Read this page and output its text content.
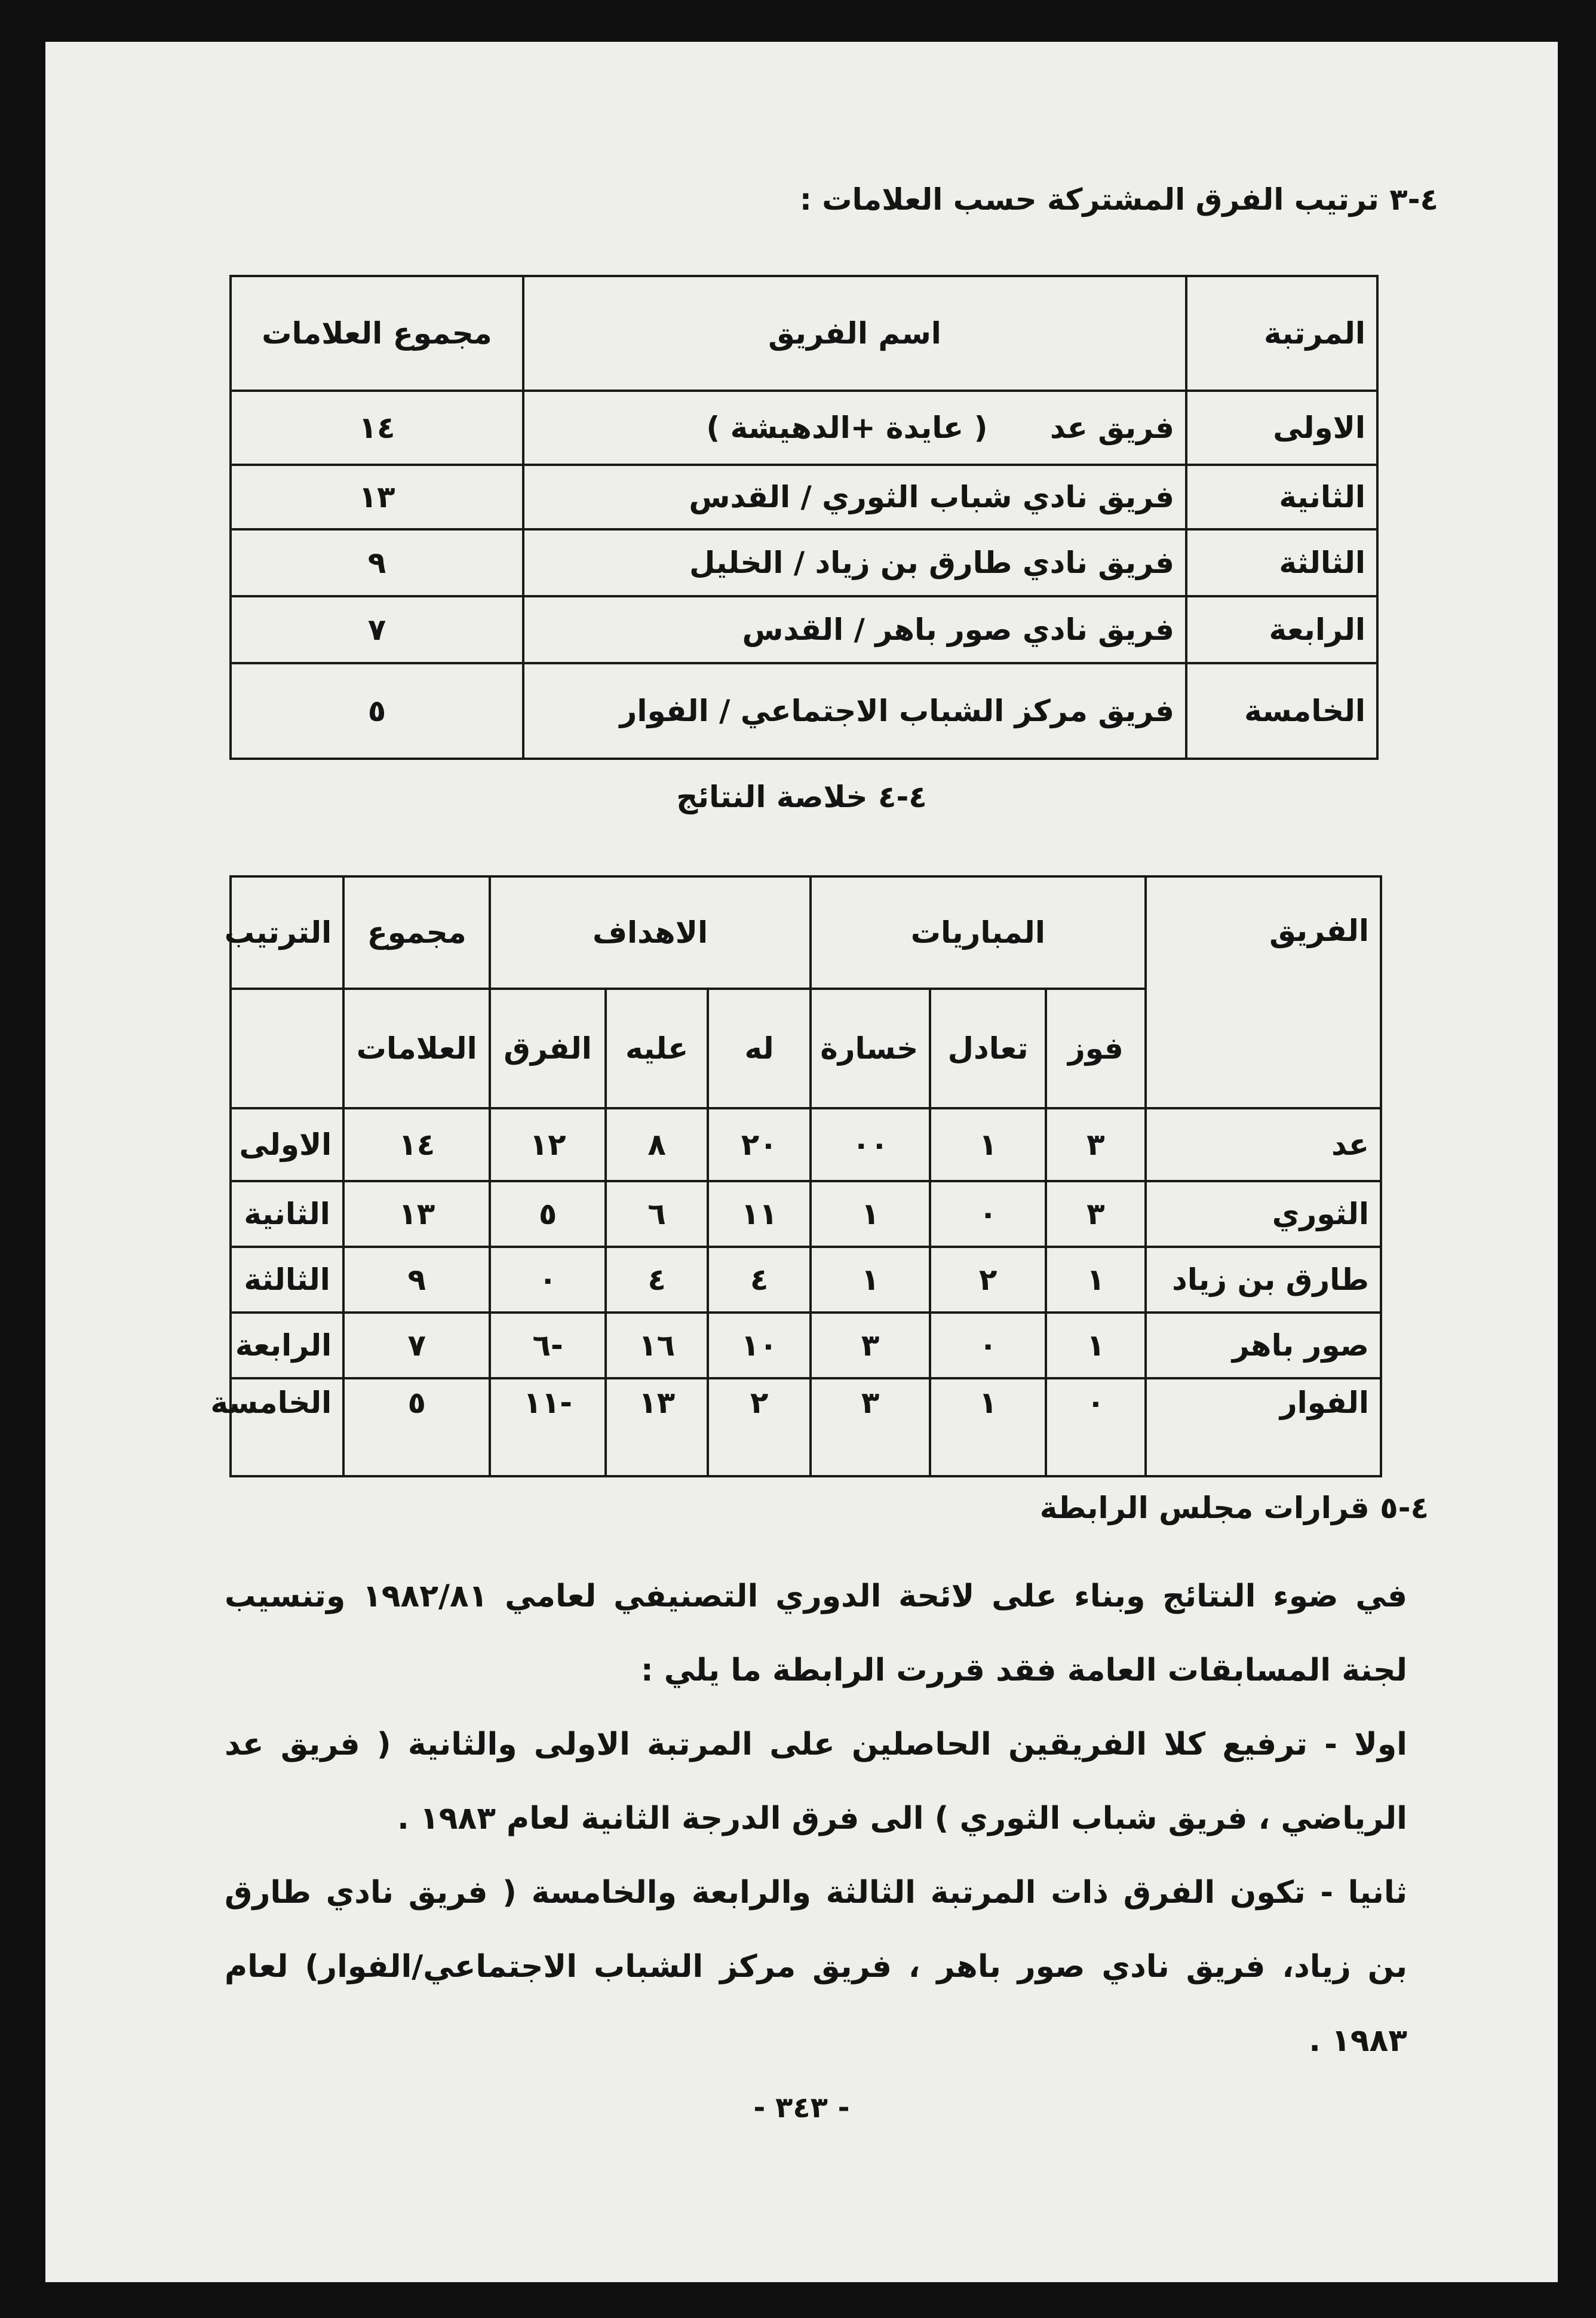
٤-٣ ترتيب الفرق المشتركة حسب العلامات :
المرتبة	اسم الفريق	مجموع العلامات
الاولى	فريق عد      ( عايدة +الدهيشة )	١٤
الثانية	فريق نادي شباب الثوري / القدس	١٣
الثالثة	فريق نادي طارق بن زياد / الخليل	٩
الرابعة	فريق نادي صور باهر / القدس	٧
الخامسة	فريق مركز الشباب الاجتماعي / الفوار	٥
٤-٤ خلاصة النتائج
الفريق	المباريات			الاهداف			مجموع	الترتيب
	فوز	تعادل	خسارة	له	عليه	الفرق	العلامات	
عد	٣	١	٠٠	٢٠	٨	١٢	١٤	الاولى
الثوري	٣	٠	١	١١	٦	٥	١٣	الثانية
طارق بن زياد	١	٢	١	٤	٤	٠	٩	الثالثة
صور باهر	١	٠	٣	١٠	١٦	-٦	٧	الرابعة
الفوار	٠	١	٣	٢	١٣	-١١	٥	الخامسة
٤-٥ قرارات مجلس الرابطة

في ضوء النتائج وبناء على لائحة الدوري التصنيفي لعامي ١٩٨٢/٨١ وتنسيب لجنة المسابقات العامة فقد قررت الرابطة ما يلي :

اولا - ترفيع كلا الفريقين الحاصلين على المرتبة الاولى والثانية ( فريق عد الرياضي ، فريق شباب الثوري ) الى فرق الدرجة الثانية لعام ١٩٨٣ .

ثانيا - تكون الفرق ذات المرتبة الثالثة والرابعة والخامسة ( فريق نادي طارق بن زياد، فريق نادي صور باهر ، فريق مركز الشباب الاجتماعي/الفوار) لعام ١٩٨٣ .

- ٣٤٣ -
